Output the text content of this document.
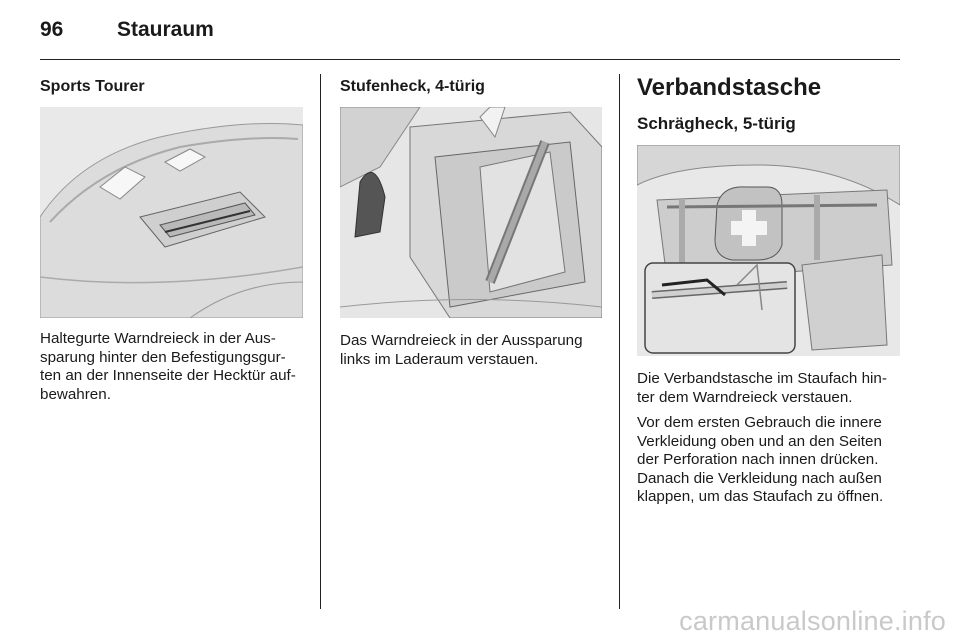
96	Stauraum
Sports Tourer
Haltegurte Warndreieck in der Aus-
sparung hinter den Befestigungsgur-
ten an der Innenseite der Hecktür auf-
bewahren.
Stufenheck, 4-türig
Das Warndreieck in der Aussparung
links im Laderaum verstauen.
Verbandstasche
Schrägheck, 5-türig

Die Verbandstasche im Staufach hin-
ter dem Warndreieck verstauen.

Vor dem ersten Gebrauch die innere
Verkleidung oben und an den Seiten
der Perforation nach innen drücken.
Danach die Verkleidung nach außen
klappen, um das Staufach zu öffnen.

carmanualsonline.info
